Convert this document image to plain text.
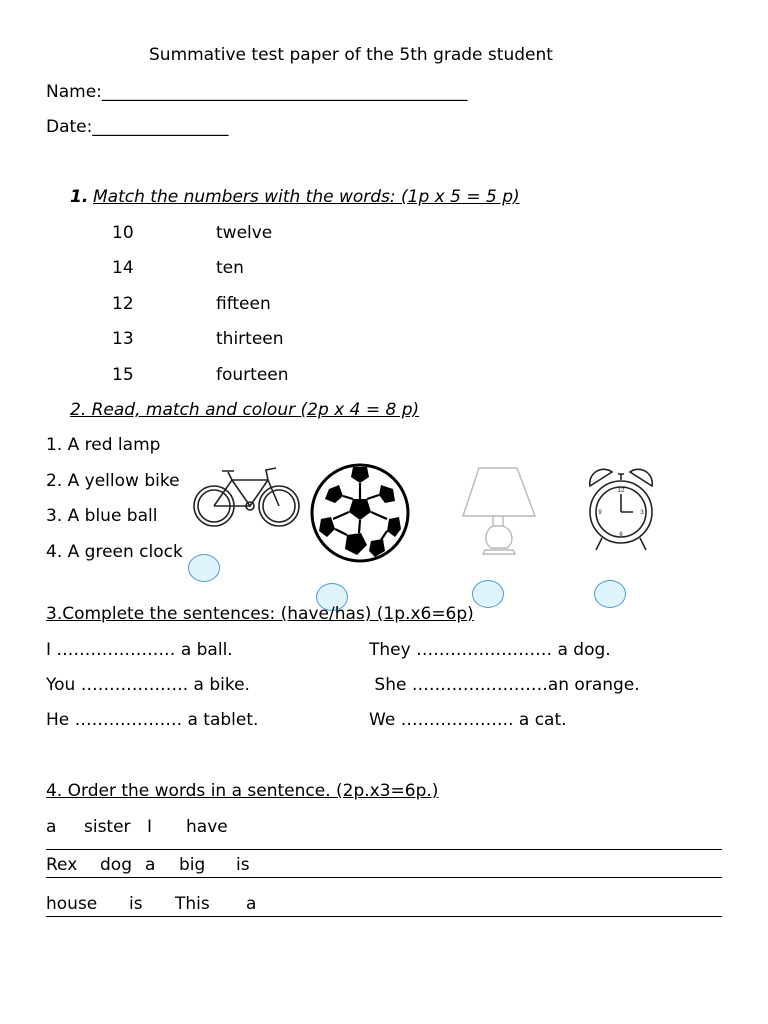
Summative test paper of the 5th grade student
Name:___________________________________________
Date:________________
1. Match the numbers with the words: (1p x 5 = 5 p)
10
14
12
13
15
twelve
ten
fifteen
thirteen
fourteen
2. Read, match and colour (2p x 4 = 8 p)
1. A red lamp
2. A yellow bike
3. A blue ball
4. A green clock
12
3
6
9
3.Complete the sentences: (have/has) (1p.x6=6p)
I ………………… a ball.
You ………………. a bike.
He ………………. a tablet.
They …………………… a dog.
She ……………………an orange.
We ……………….. a cat.
4. Order the words in a sentence. (2p.x3=6p.)
a sister I have
Rex dog a big is
house is This a
